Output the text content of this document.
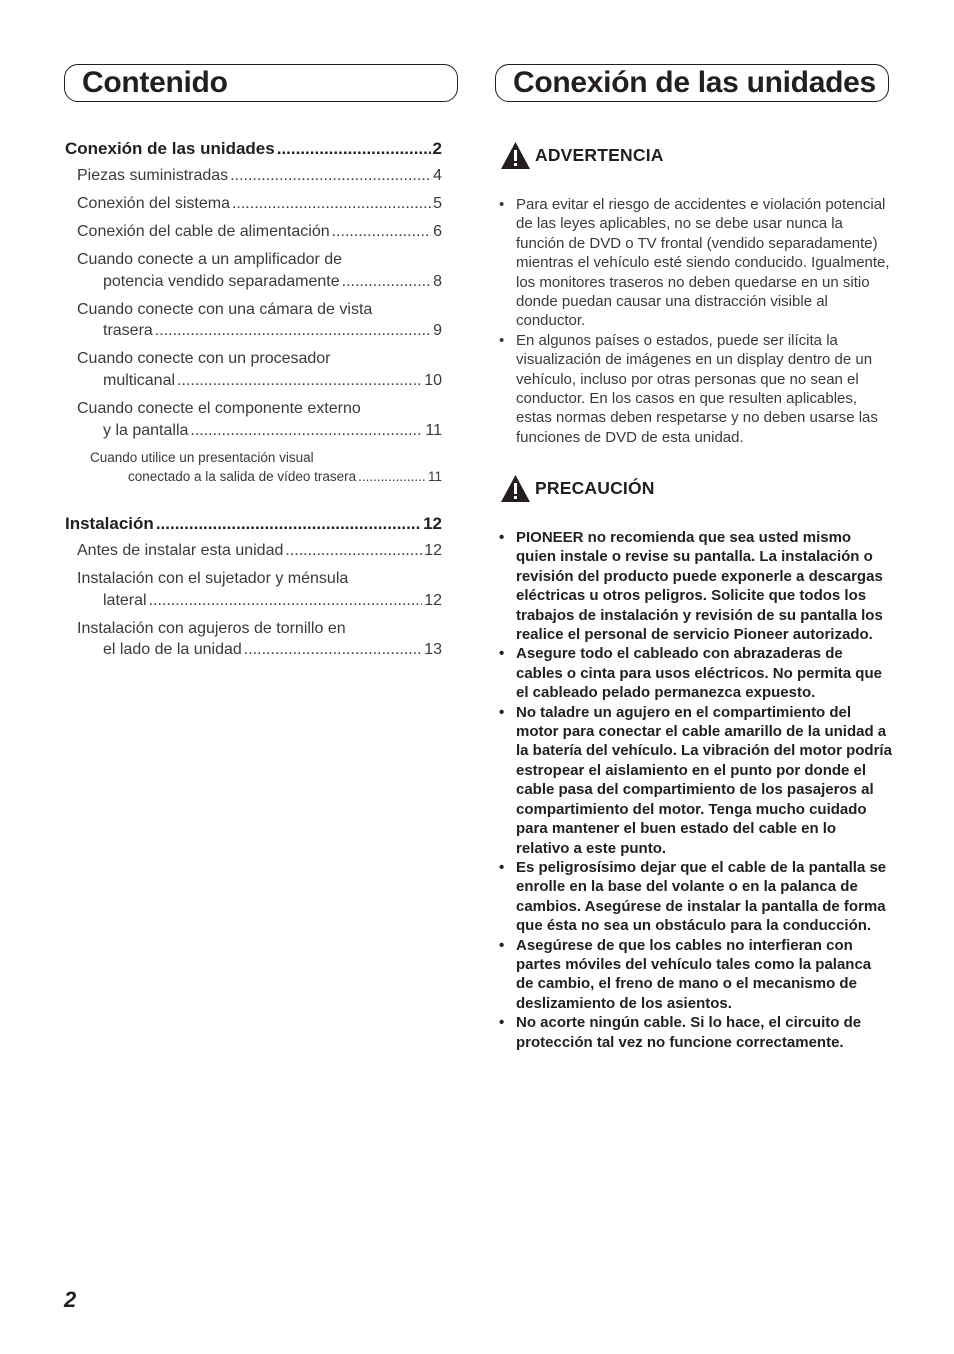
Contenido	Conexión de las unidades
Conexión de las unidades .....	2
Piezas suministradas .....	4
Conexión del sistema .....	5
Conexión del cable de alimentación .....	6
Cuando conecte a un amplificador de
potencia vendido separadamente .....	8
Cuando conecte con una cámara de vista
trasera .....	9
Cuando conecte con un procesador
multicanal .....	10
Cuando conecte el componente externo
y la pantalla .....	11
Cuando utilice un presentación visual
conectado a la salida de vídeo trasera .....	11
Instalación .....	12
Antes de instalar esta unidad .....	12
Instalación con el sujetador y ménsula
lateral .....	12
Instalación con agujeros de tornillo en
el lado de la unidad .....	13
ADVERTENCIA
• Para evitar el riesgo de accidentes e violación potencial de las leyes aplicables, no se debe usar nunca la función de DVD o TV frontal (vendido separadamente) mientras el vehículo esté siendo conducido. Igualmente, los monitores traseros no deben quedarse en un sitio donde puedan causar una distracción visible al conductor.
• En algunos países o estados, puede ser ilícita la visualización de imágenes en un display dentro de un vehículo, incluso por otras personas que no sean el conductor. En los casos en que resulten aplicables, estas normas deben respetarse y no deben usarse las funciones de DVD de esta unidad.
PRECAUCIÓN
• PIONEER no recomienda que sea usted mismo quien instale o revise su pantalla. La instalación o revisión del producto puede exponerle a descargas eléctricas u otros peligros. Solicite que todos los trabajos de instalación y revisión de su pantalla los realice el personal de servicio Pioneer autorizado.
• Asegure todo el cableado con abrazaderas de cables o cinta para usos eléctricos. No permita que el cableado pelado permanezca expuesto.
• No taladre un agujero en el compartimiento del motor para conectar el cable amarillo de la unidad a la batería del vehículo. La vibración del motor podría estropear el aislamiento en el punto por donde el cable pasa del compartimiento de los pasajeros al compartimiento del motor. Tenga mucho cuidado para mantener el buen estado del cable en lo relativo a este punto.
• Es peligrosísimo dejar que el cable de la pantalla se enrolle en la base del volante o en la palanca de cambios. Asegúrese de instalar la pantalla de forma que ésta no sea un obstáculo para la conducción.
• Asegúrese de que los cables no interfieran con partes móviles del vehículo tales como la palanca de cambio, el freno de mano o el mecanismo de deslizamiento de los asientos.
• No acorte ningún cable. Si lo hace, el circuito de protección tal vez no funcione correctamente.
2
